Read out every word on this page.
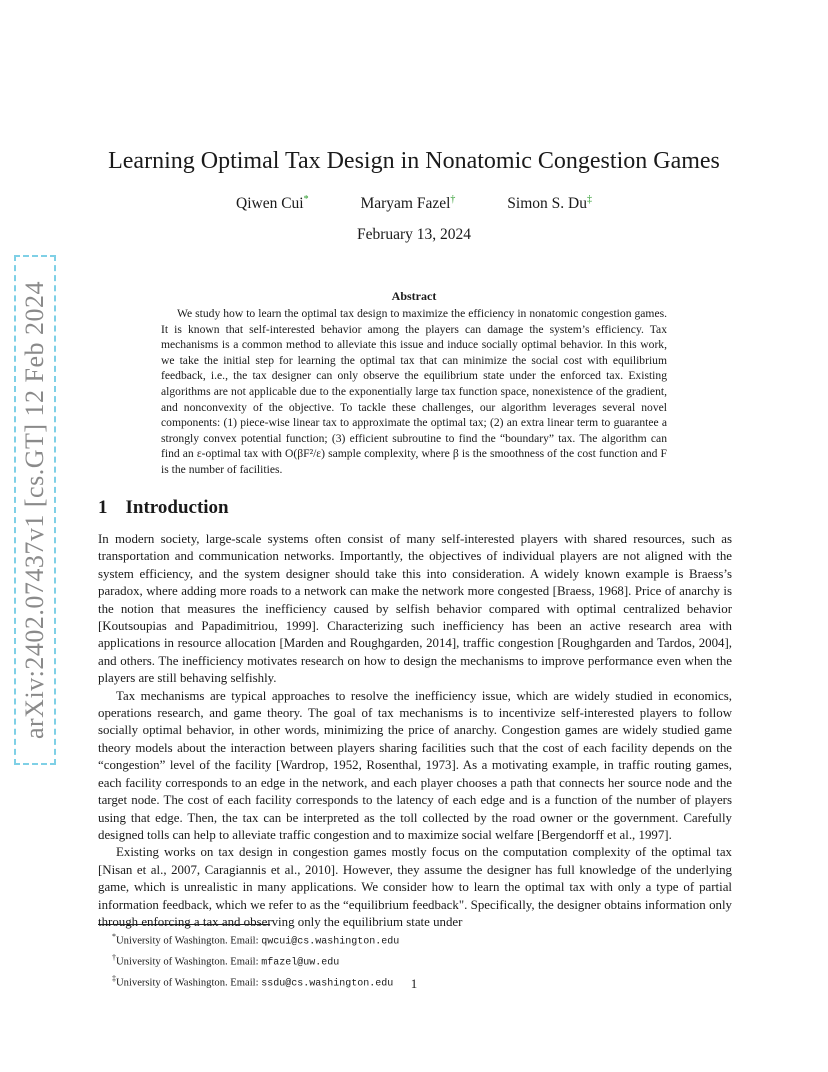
arXiv:2402.07437v1 [cs.GT] 12 Feb 2024
Learning Optimal Tax Design in Nonatomic Congestion Games
Qiwen Cui*	Maryam Fazel†	Simon S. Du‡
February 13, 2024
Abstract
We study how to learn the optimal tax design to maximize the efficiency in nonatomic congestion games. It is known that self-interested behavior among the players can damage the system’s efficiency. Tax mechanisms is a common method to alleviate this issue and induce socially optimal behavior. In this work, we take the initial step for learning the optimal tax that can minimize the social cost with equilibrium feedback, i.e., the tax designer can only observe the equilibrium state under the enforced tax. Existing algorithms are not applicable due to the exponentially large tax function space, nonexistence of the gradient, and nonconvexity of the objective. To tackle these challenges, our algorithm leverages several novel components: (1) piece-wise linear tax to approximate the optimal tax; (2) an extra linear term to guarantee a strongly convex potential function; (3) efficient subroutine to find the “boundary” tax. The algorithm can find an ε-optimal tax with O(βF²/ε) sample complexity, where β is the smoothness of the cost function and F is the number of facilities.
1 Introduction

In modern society, large-scale systems often consist of many self-interested players with shared resources, such as transportation and communication networks. Importantly, the objectives of individual players are not aligned with the system efficiency, and the system designer should take this into consideration. A widely known example is Braess’s paradox, where adding more roads to a network can make the network more congested [Braess, 1968]. Price of anarchy is the notion that measures the inefficiency caused by selfish behavior compared with optimal centralized behavior [Koutsoupias and Papadimitriou, 1999]. Characterizing such inefficiency has been an active research area with applications in resource allocation [Marden and Roughgarden, 2014], traffic congestion [Roughgarden and Tardos, 2004], and others. The inefficiency motivates research on how to design the mechanisms to improve performance even when the players are still behaving selfishly.

Tax mechanisms are typical approaches to resolve the inefficiency issue, which are widely studied in economics, operations research, and game theory. The goal of tax mechanisms is to incentivize self-interested players to follow socially optimal behavior, in other words, minimizing the price of anarchy. Congestion games are widely studied game theory models about the interaction between players sharing facilities such that the cost of each facility depends on the “congestion” level of the facility [Wardrop, 1952, Rosenthal, 1973]. As a motivating example, in traffic routing games, each facility corresponds to an edge in the network, and each player chooses a path that connects her source node and the target node. The cost of each facility corresponds to the latency of each edge and is a function of the number of players using that edge. Then, the tax can be interpreted as the toll collected by the road owner or the government. Carefully designed tolls can help to alleviate traffic congestion and to maximize social welfare [Bergendorff et al., 1997].

Existing works on tax design in congestion games mostly focus on the computation complexity of the optimal tax [Nisan et al., 2007, Caragiannis et al., 2010]. However, they assume the designer has full knowledge of the underlying game, which is unrealistic in many applications. We consider how to learn the optimal tax with only a type of partial information feedback, which we refer to as the “equilibrium feedback". Specifically, the designer obtains information only through enforcing a tax and observing only the equilibrium state under

*University of Washington. Email: qwcui@cs.washington.edu
†University of Washington. Email: mfazel@uw.edu
‡University of Washington. Email: ssdu@cs.washington.edu	1
